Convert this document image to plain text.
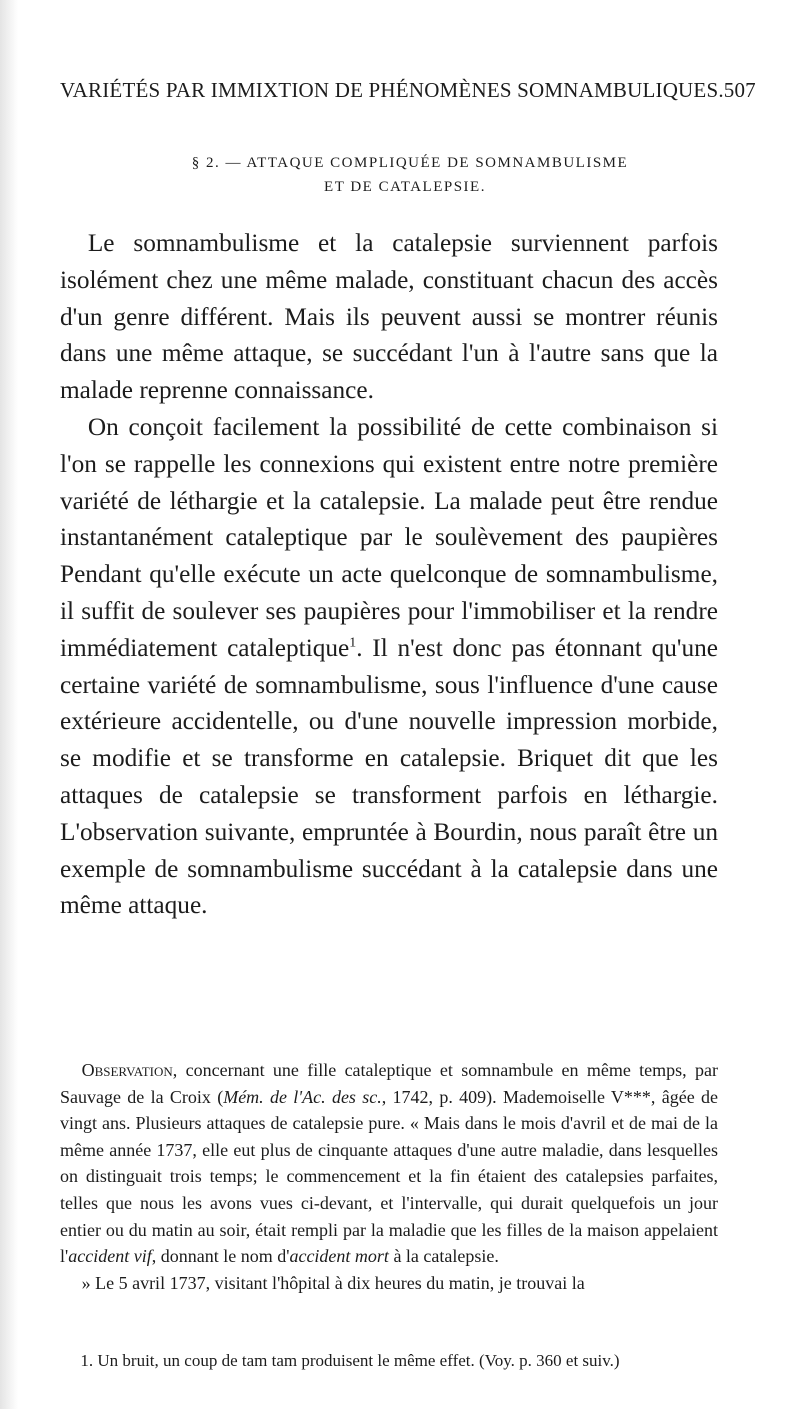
VARIÉTÉS PAR IMMIXTION DE PHÉNOMÈNES SOMNAMBULIQUES. 507
§ 2. — ATTAQUE COMPLIQUÉE DE SOMNAMBULISME
ET DE CATALEPSIE.

Le somnambulisme et la catalepsie surviennent parfois isolément chez une même malade, constituant chacun des accès d'un genre différent. Mais ils peuvent aussi se montrer réunis dans une même attaque, se succédant l'un à l'autre sans que la malade reprenne connaissance.

On conçoit facilement la possibilité de cette combinaison si l'on se rappelle les connexions qui existent entre notre première variété de léthargie et la catalepsie. La malade peut être rendue instantanément cataleptique par le soulèvement des paupières Pendant qu'elle exécute un acte quelconque de somnambulisme, il suffit de soulever ses paupières pour l'immobiliser et la rendre immédiatement cataleptique$^1$. Il n'est donc pas étonnant qu'une certaine variété de somnambulisme, sous l'influence d'une cause extérieure accidentelle, ou d'une nouvelle impression morbide, se modifie et se transforme en catalepsie. Briquet dit que les attaques de catalepsie se transforment parfois en léthargie. L'observation suivante, empruntée à Bourdin, nous paraît être un exemple de somnambulisme succédant à la catalepsie dans une même attaque.

Observation, concernant une fille cataleptique et somnambule en même temps, par Sauvage de la Croix (Mém. de l'Ac. des sc., 1742, p. 409). Mademoiselle V***, âgée de vingt ans. Plusieurs attaques de catalepsie pure. « Mais dans le mois d'avril et de mai de la même année 1737, elle eut plus de cinquante attaques d'une autre maladie, dans lesquelles on distinguait trois temps; le commencement et la fin étaient des catalepsies parfaites, telles que nous les avons vues ci-devant, et l'intervalle, qui durait quelquefois un jour entier ou du matin au soir, était rempli par la maladie que les filles de la maison appelaient l'accident vif, donnant le nom d'accident mort à la catalepsie.

» Le 5 avril 1737, visitant l'hôpital à dix heures du matin, je trouvai la

1. Un bruit, un coup de tam tam produisent le même effet. (Voy. p. 360 et suiv.)
